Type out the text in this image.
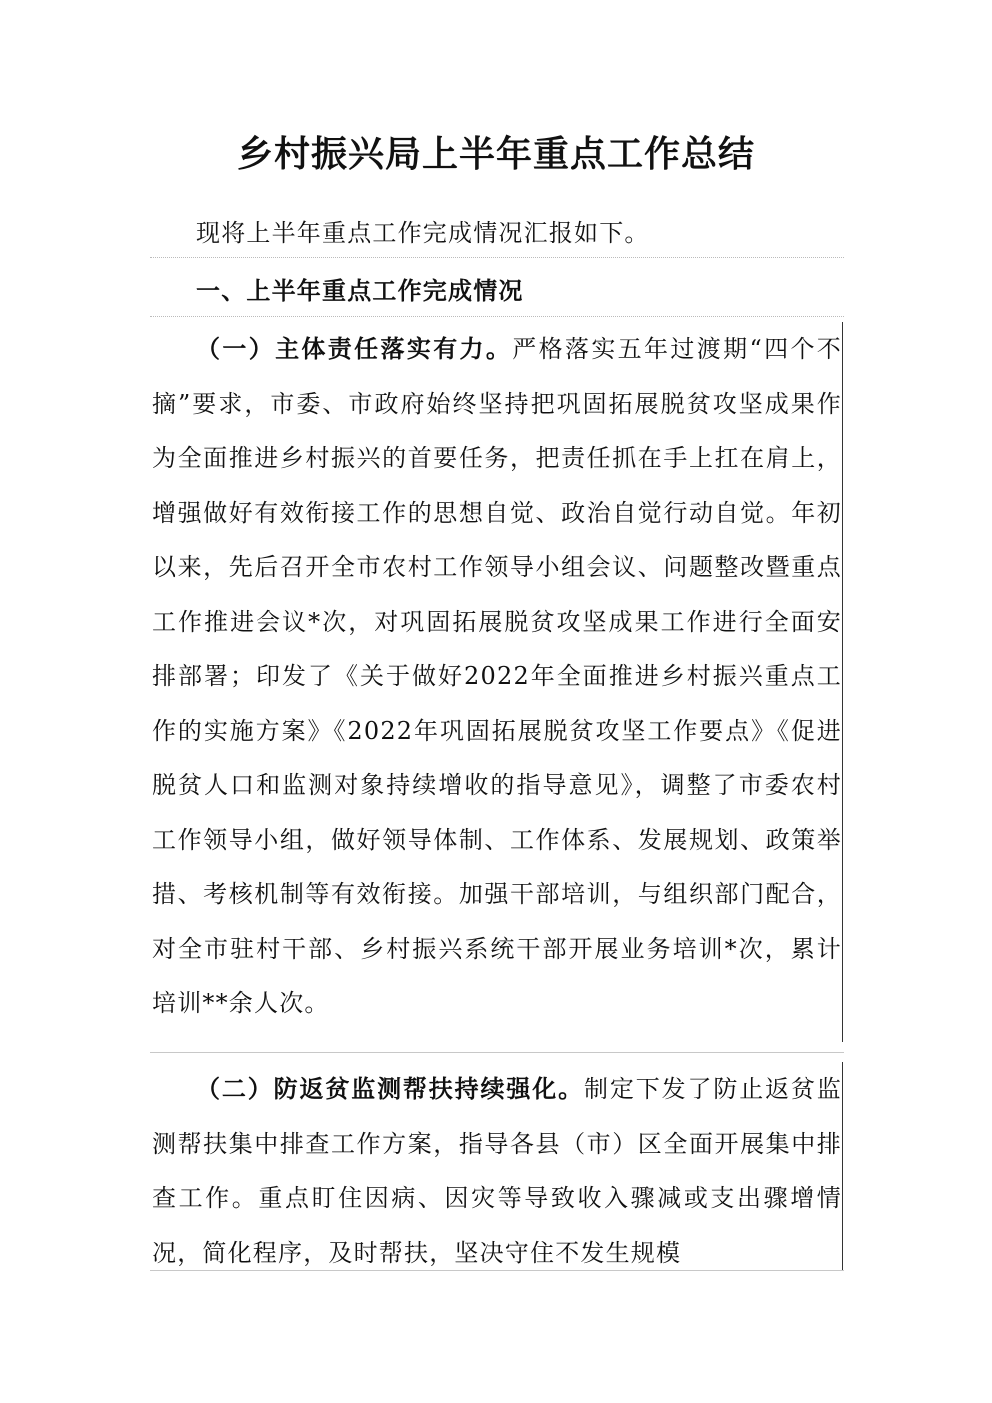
乡村振兴局上半年重点工作总结

现将上半年重点工作完成情况汇报如下。

一、上半年重点工作完成情况

（一）主体责任落实有力。严格落实五年过渡期“四个不摘”要求，市委、市政府始终坚持把巩固拓展脱贫攻坚成果作为全面推进乡村振兴的首要任务，把责任抓在手上扛在肩上，增强做好有效衔接工作的思想自觉、政治自觉行动自觉。年初以来，先后召开全市农村工作领导小组会议、问题整改暨重点工作推进会议*次，对巩固拓展脱贫攻坚成果工作进行全面安排部署；印发了《关于做好2022年全面推进乡村振兴重点工作的实施方案》《2022年巩固拓展脱贫攻坚工作要点》《促进脱贫人口和监测对象持续增收的指导意见》，调整了市委农村工作领导小组，做好领导体制、工作体系、发展规划、政策举措、考核机制等有效衔接。加强干部培训，与组织部门配合，对全市驻村干部、乡村振兴系统干部开展业务培训*次，累计培训**余人次。

（二）防返贫监测帮扶持续强化。制定下发了防止返贫监测帮扶集中排查工作方案，指导各县（市）区全面开展集中排查工作。重点盯住因病、因灾等导致收入骤减或支出骤增情况，简化程序，及时帮扶，坚决守住不发生规模
